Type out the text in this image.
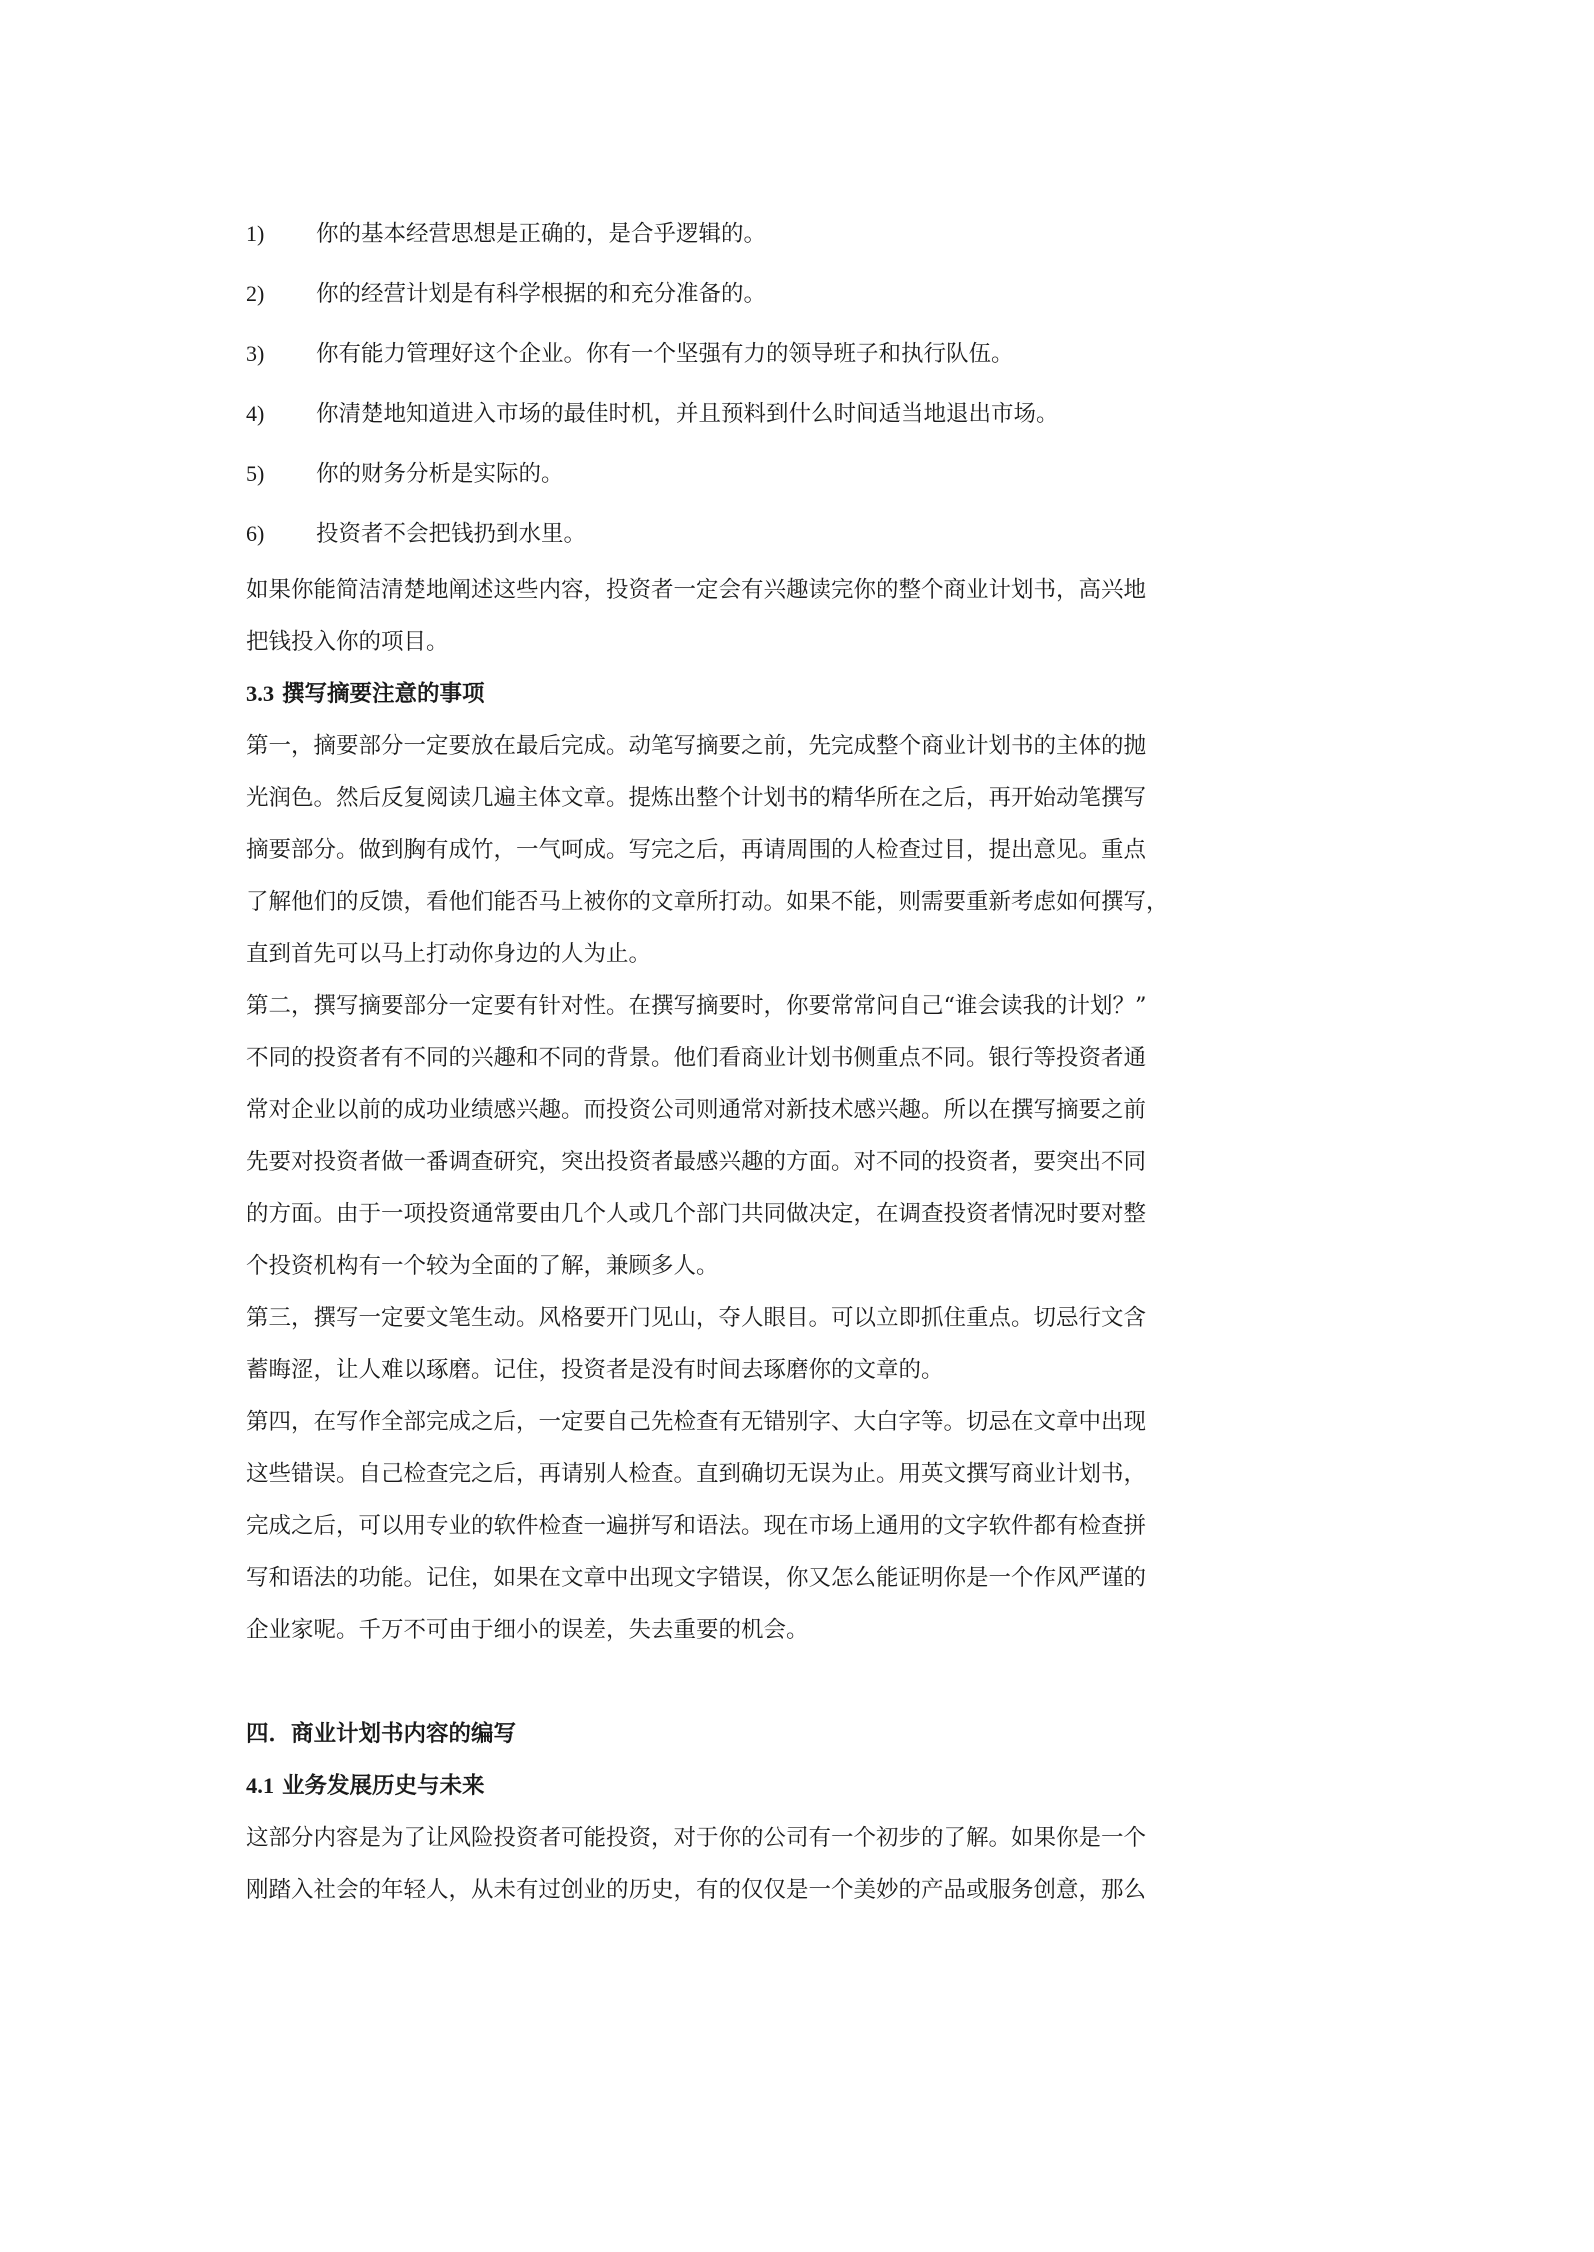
1)	你的基本经营思想是正确的，是合乎逻辑的。
2)	你的经营计划是有科学根据的和充分准备的。
3)	你有能力管理好这个企业。你有一个坚强有力的领导班子和执行队伍。
4)	你清楚地知道进入市场的最佳时机，并且预料到什么时间适当地退出市场。
5)	你的财务分析是实际的。
6)	投资者不会把钱扔到水里。

如果你能简洁清楚地阐述这些内容，投资者一定会有兴趣读完你的整个商业计划书，高兴地
把钱投入你的项目。

3.3 撰写摘要注意的事项

第一，摘要部分一定要放在最后完成。动笔写摘要之前，先完成整个商业计划书的主体的抛
光润色。然后反复阅读几遍主体文章。提炼出整个计划书的精华所在之后，再开始动笔撰写
摘要部分。做到胸有成竹，一气呵成。写完之后，再请周围的人检查过目，提出意见。重点
了解他们的反馈，看他们能否马上被你的文章所打动。如果不能，则需要重新考虑如何撰写，
直到首先可以马上打动你身边的人为止。

第二，撰写摘要部分一定要有针对性。在撰写摘要时，你要常常问自己“谁会读我的计划？”
不同的投资者有不同的兴趣和不同的背景。他们看商业计划书侧重点不同。银行等投资者通
常对企业以前的成功业绩感兴趣。而投资公司则通常对新技术感兴趣。所以在撰写摘要之前
先要对投资者做一番调查研究，突出投资者最感兴趣的方面。对不同的投资者，要突出不同
的方面。由于一项投资通常要由几个人或几个部门共同做决定，在调查投资者情况时要对整
个投资机构有一个较为全面的了解，兼顾多人。

第三，撰写一定要文笔生动。风格要开门见山，夺人眼目。可以立即抓住重点。切忌行文含
蓄晦涩，让人难以琢磨。记住，投资者是没有时间去琢磨你的文章的。

第四，在写作全部完成之后，一定要自己先检查有无错别字、大白字等。切忌在文章中出现
这些错误。自己检查完之后，再请别人检查。直到确切无误为止。用英文撰写商业计划书，
完成之后，可以用专业的软件检查一遍拼写和语法。现在市场上通用的文字软件都有检查拼
写和语法的功能。记住，如果在文章中出现文字错误，你又怎么能证明你是一个作风严谨的
企业家呢。千万不可由于细小的误差，失去重要的机会。

四．商业计划书内容的编写
4.1 业务发展历史与未来

这部分内容是为了让风险投资者可能投资，对于你的公司有一个初步的了解。如果你是一个
刚踏入社会的年轻人，从未有过创业的历史，有的仅仅是一个美妙的产品或服务创意，那么
